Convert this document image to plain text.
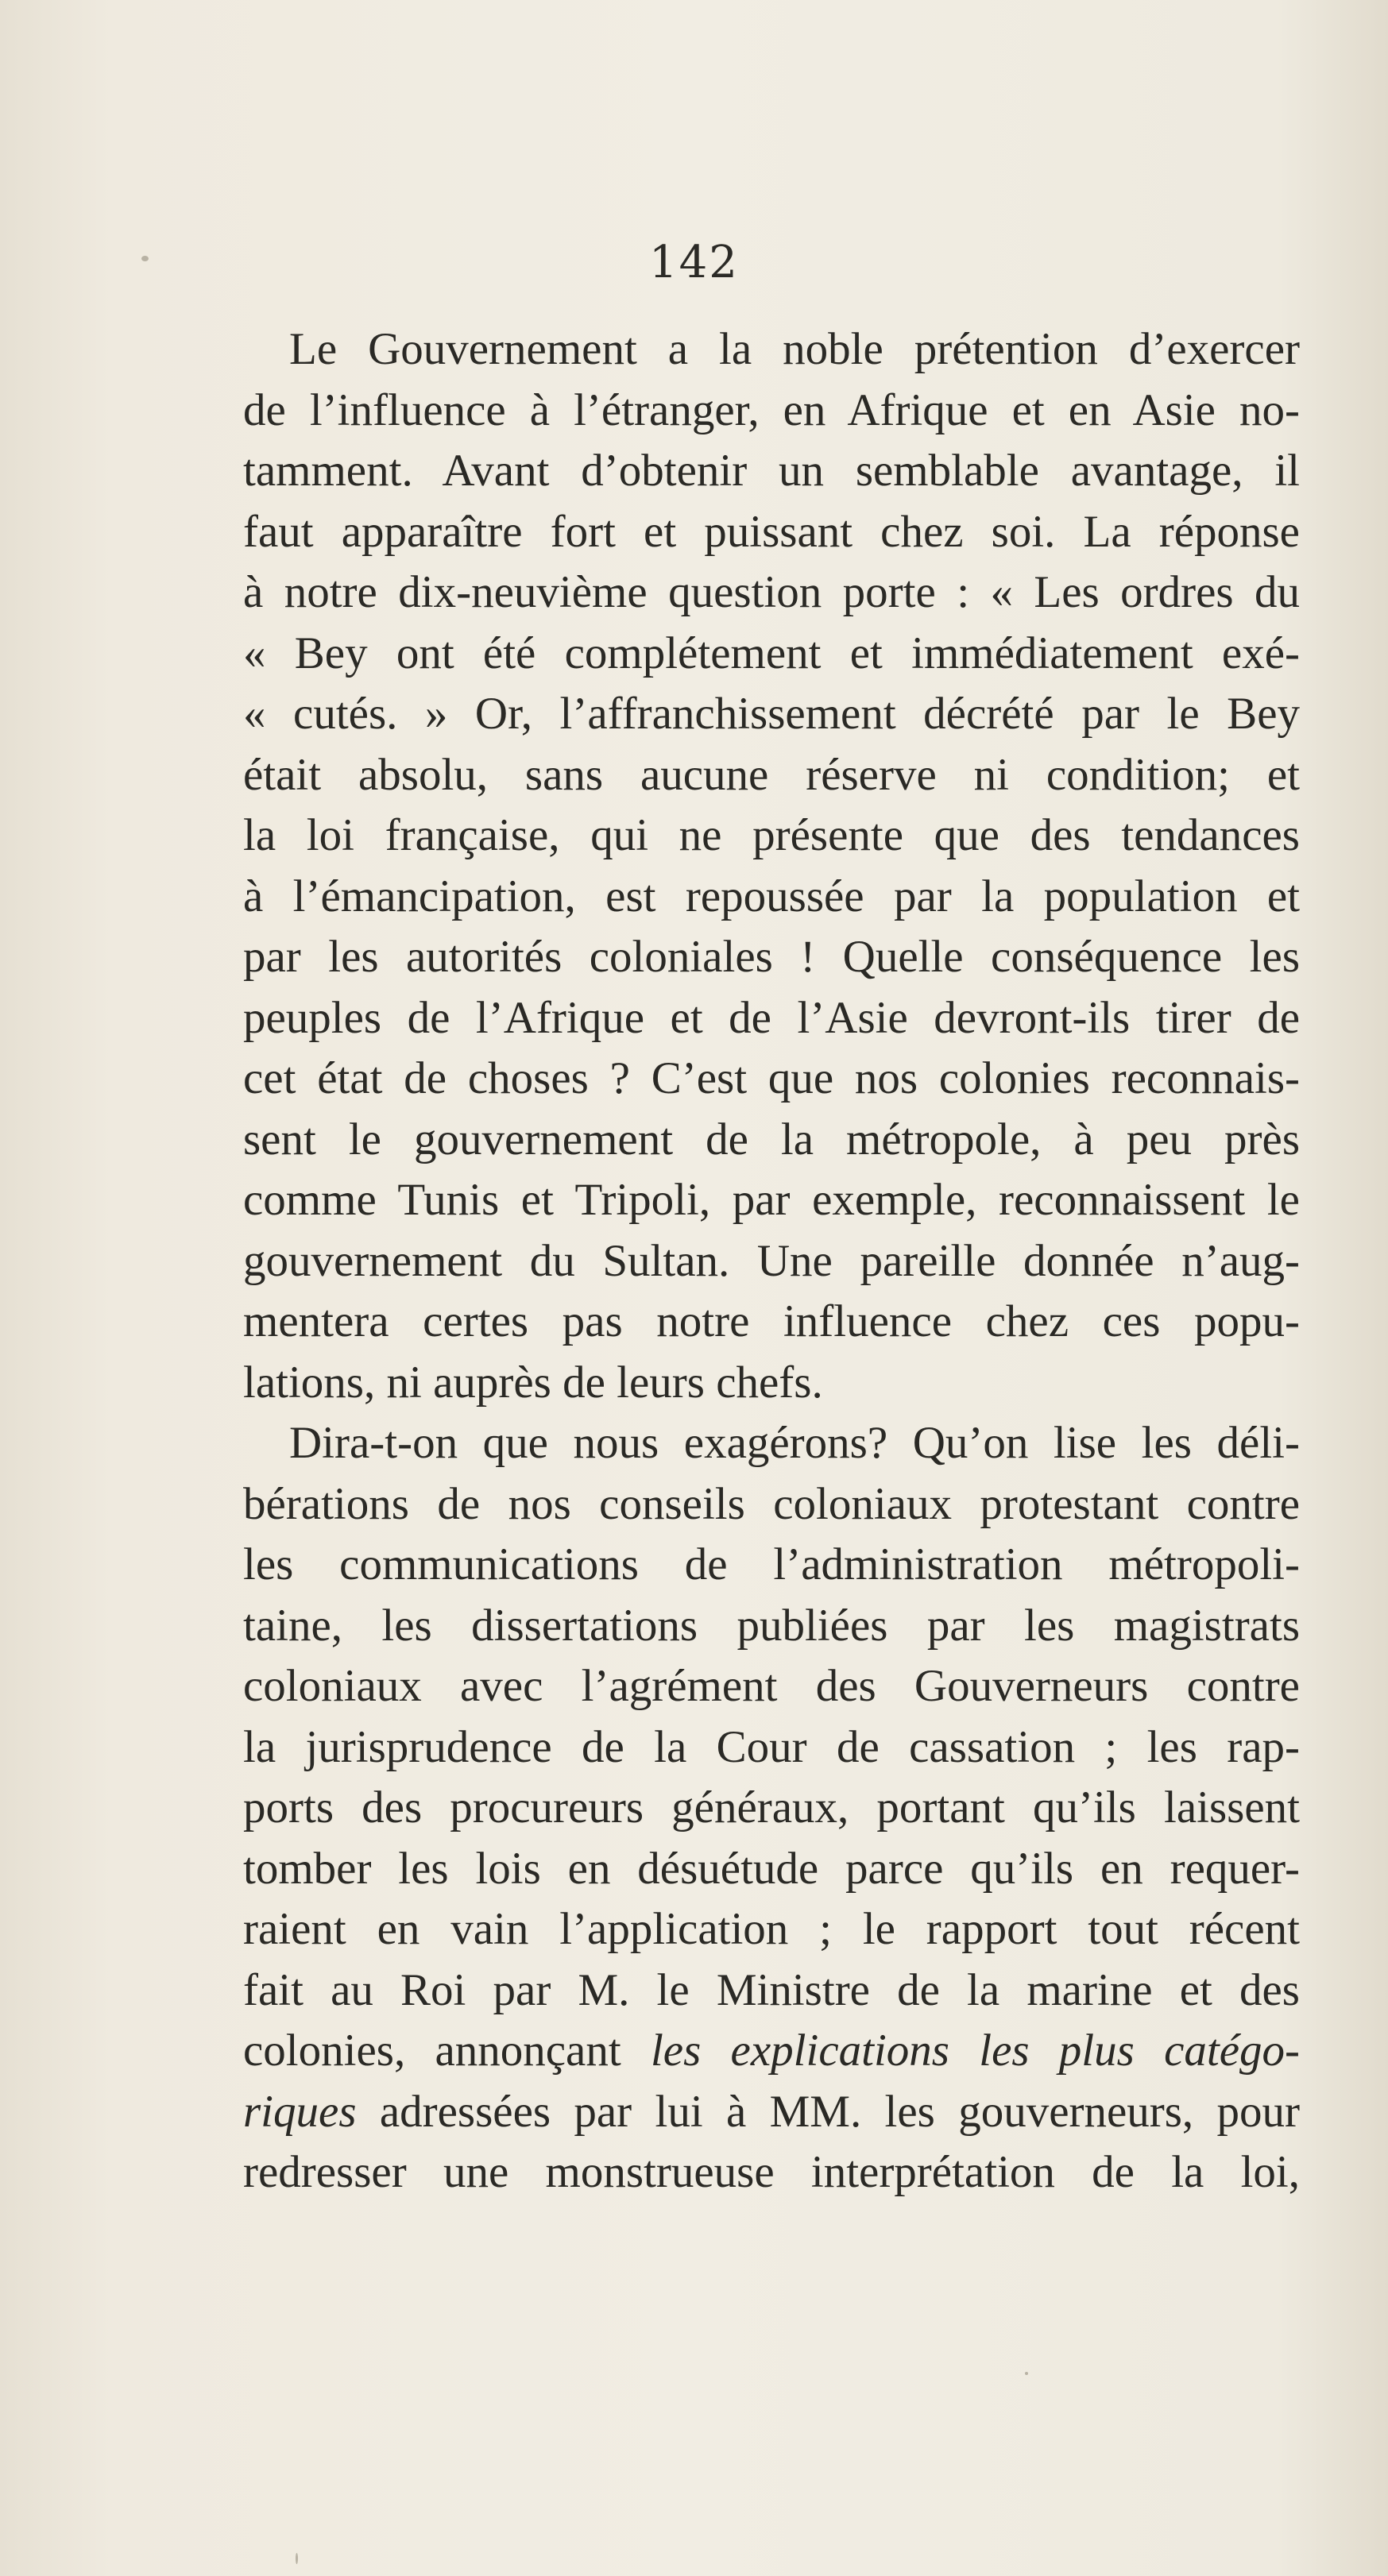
142
Le Gouvernement a la noble prétention d’exercer
de l’influence à l’étranger, en Afrique et en Asie no-
tamment. Avant d’obtenir un semblable avantage, il
faut apparaître fort et puissant chez soi. La réponse
à notre dix-neuvième question porte : « Les ordres du
« Bey ont été complétement et immédiatement exé-
« cutés. » Or, l’affranchissement décrété par le Bey
était absolu, sans aucune réserve ni condition; et
la loi française, qui ne présente que des tendances
à l’émancipation, est repoussée par la population et
par les autorités coloniales ! Quelle conséquence les
peuples de l’Afrique et de l’Asie devront-ils tirer de
cet état de choses ? C’est que nos colonies reconnais-
sent le gouvernement de la métropole, à peu près
comme Tunis et Tripoli, par exemple, reconnaissent le
gouvernement du Sultan. Une pareille donnée n’aug-
mentera certes pas notre influence chez ces popu-
lations, ni auprès de leurs chefs.
Dira-t-on que nous exagérons? Qu’on lise les déli-
bérations de nos conseils coloniaux protestant contre
les communications de l’administration métropoli-
taine, les dissertations publiées par les magistrats
coloniaux avec l’agrément des Gouverneurs contre
la jurisprudence de la Cour de cassation ; les rap-
ports des procureurs généraux, portant qu’ils laissent
tomber les lois en désuétude parce qu’ils en requer-
raient en vain l’application ; le rapport tout récent
fait au Roi par M. le Ministre de la marine et des
colonies, annonçant les explications les plus catégo-
riques adressées par lui à MM. les gouverneurs, pour
redresser une monstrueuse interprétation de la loi,
